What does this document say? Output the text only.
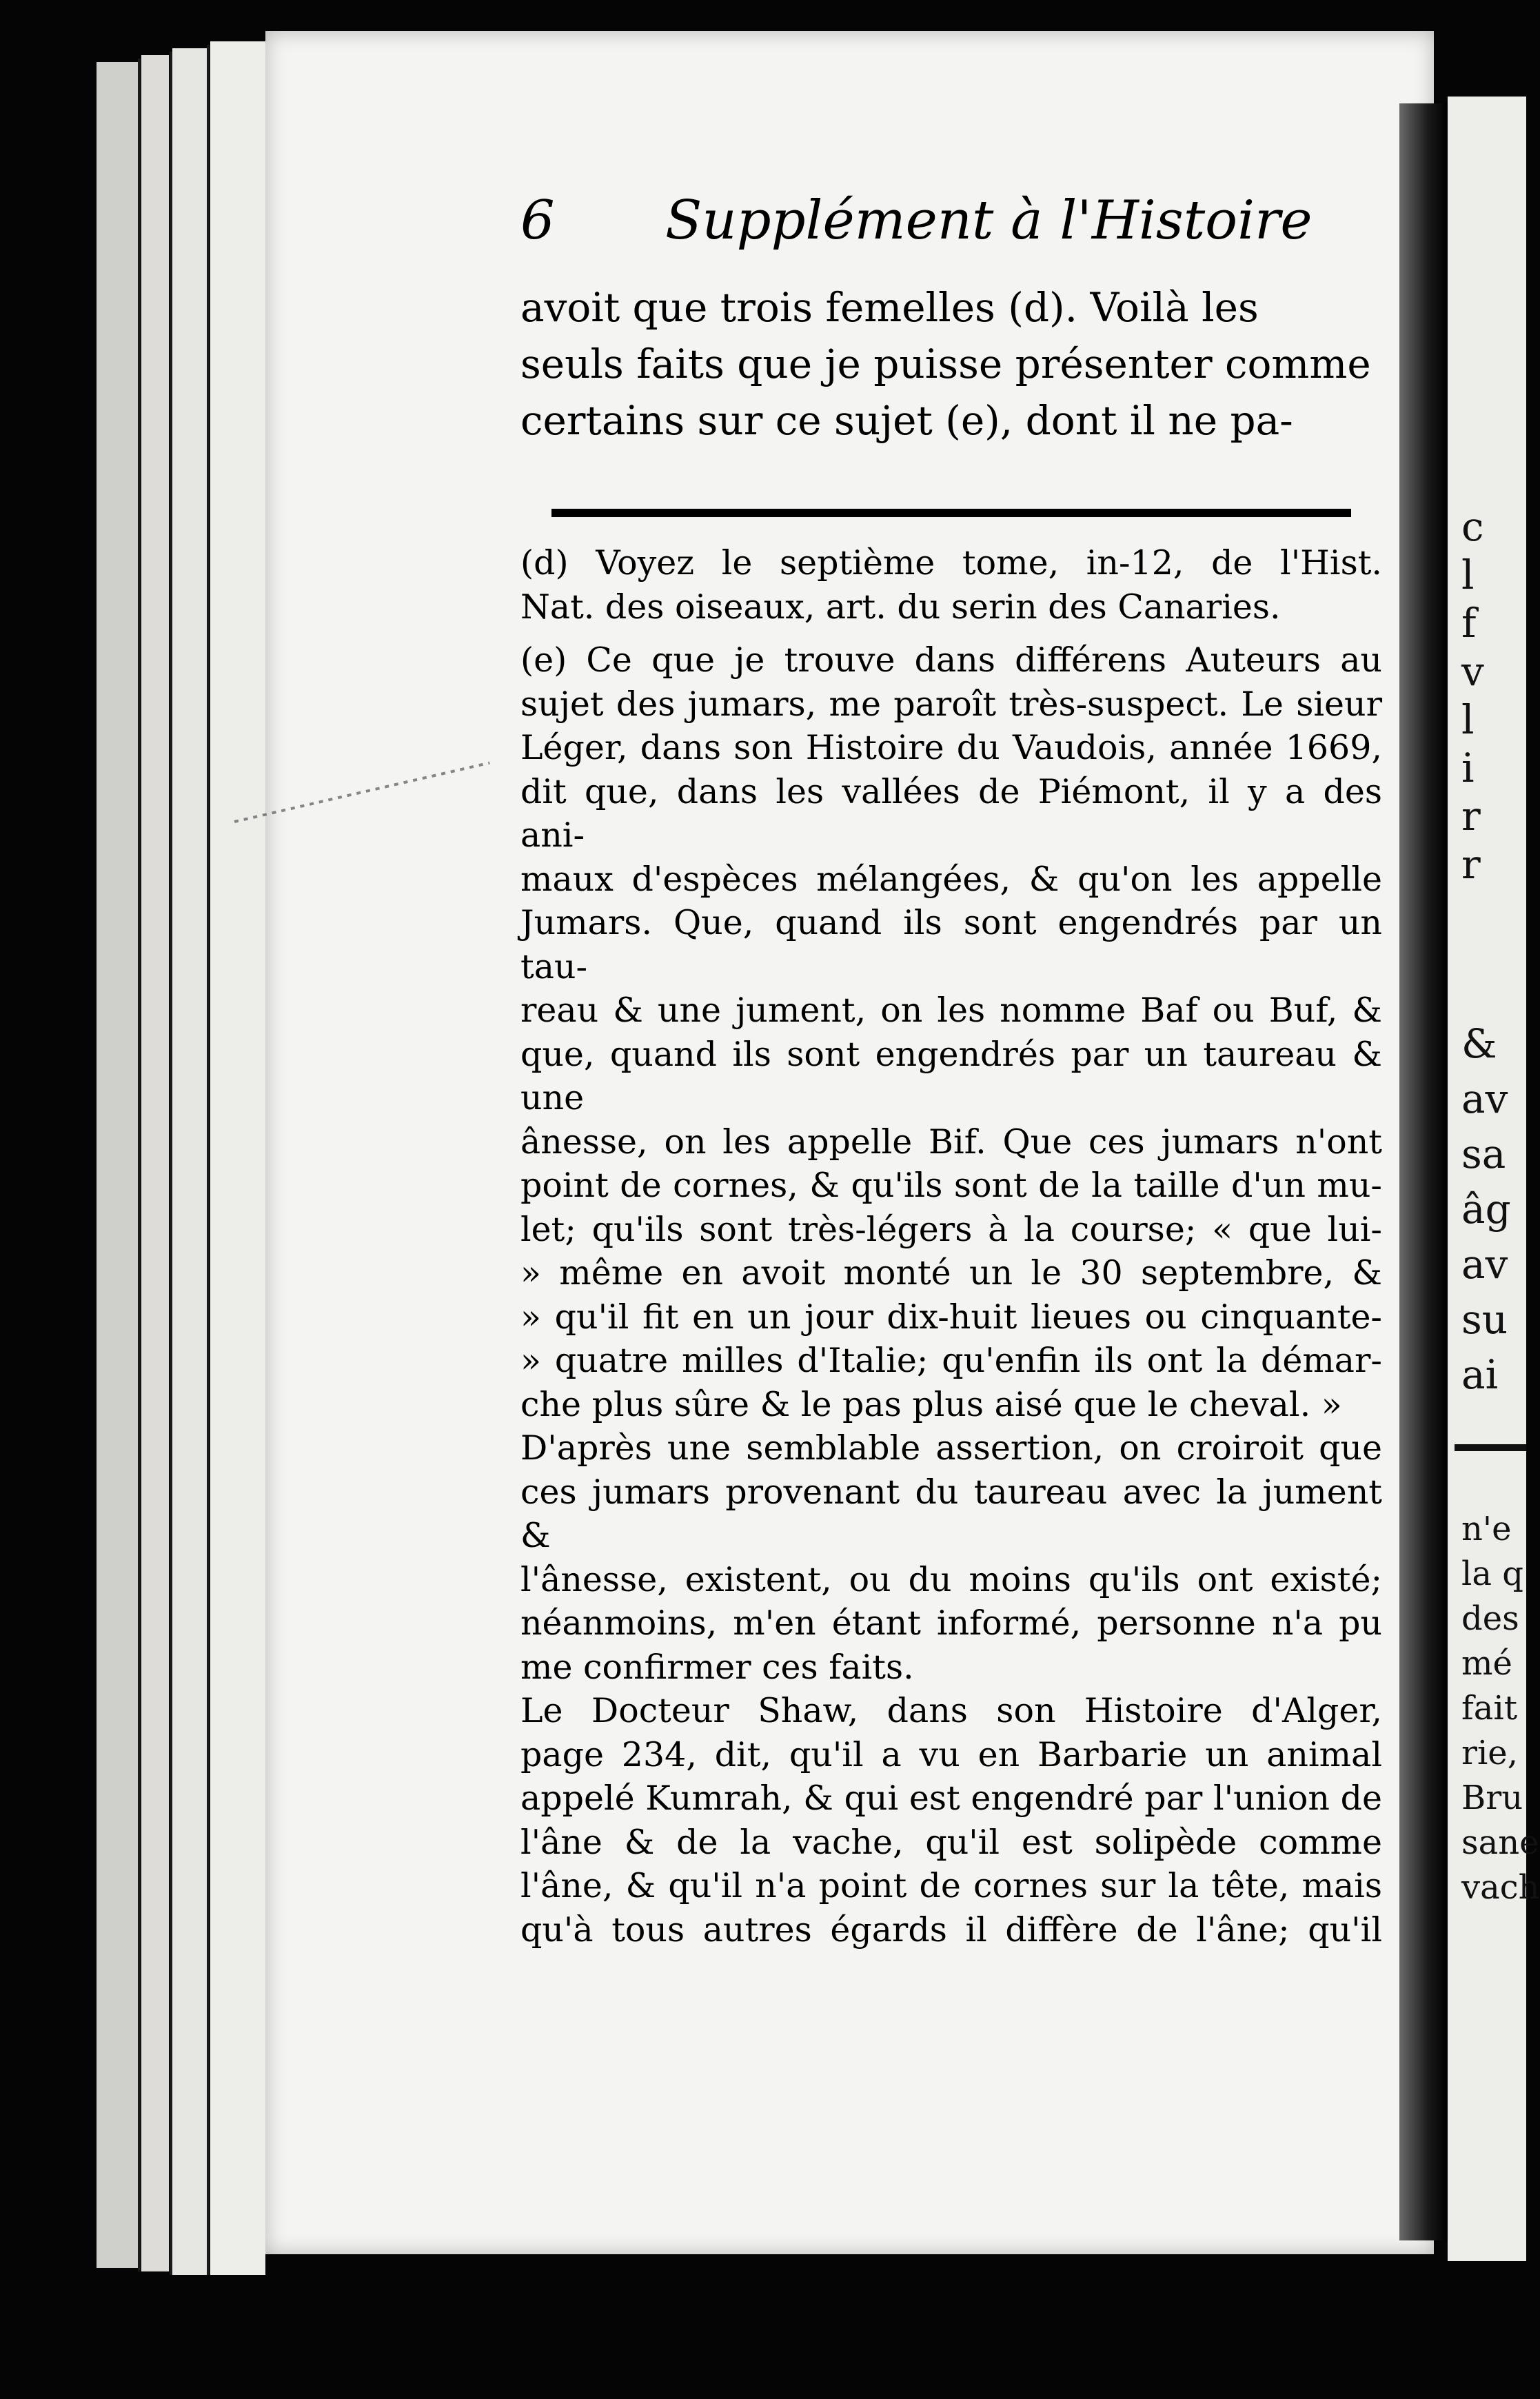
c
l
f
v
l
i
r
r
&
av
sa
âg
av
su
ai
n'e
la q
des
mé
fait
rie,
Bru
sane
vach
6 Supplément à l'Histoire
avoit que trois femelles (d). Voilà les
seuls faits que je puisse présenter comme
certains sur ce sujet (e), dont il ne pa-

(d) Voyez le septième tome, in-12, de l'Hist.

Nat. des oiseaux, art. du serin des Canaries.

(e) Ce que je trouve dans différens Auteurs au

sujet des jumars, me paroît très-suspect. Le sieur

Léger, dans son Histoire du Vaudois, année 1669,

dit que, dans les vallées de Piémont, il y a des ani-

maux d'espèces mélangées, & qu'on les appelle

Jumars. Que, quand ils sont engendrés par un tau-

reau & une jument, on les nomme Baf ou Buf, &

que, quand ils sont engendrés par un taureau & une

ânesse, on les appelle Bif. Que ces jumars n'ont

point de cornes, & qu'ils sont de la taille d'un mu-

let; qu'ils sont très-légers à la course; « que lui-

» même en avoit monté un le 30 septembre, &

» qu'il fit en un jour dix-huit lieues ou cinquante-

» quatre milles d'Italie; qu'enfin ils ont la démar-

che plus sûre & le pas plus aisé que le cheval. »

D'après une semblable assertion, on croiroit que

ces jumars provenant du taureau avec la jument &

l'ânesse, existent, ou du moins qu'ils ont existé;

néanmoins, m'en étant informé, personne n'a pu

me confirmer ces faits.

Le Docteur Shaw, dans son Histoire d'Alger,

page 234, dit, qu'il a vu en Barbarie un animal

appelé Kumrah, & qui est engendré par l'union de

l'âne & de la vache, qu'il est solipède comme

l'âne, & qu'il n'a point de cornes sur la tête, mais

qu'à tous autres égards il diffère de l'âne; qu'il
